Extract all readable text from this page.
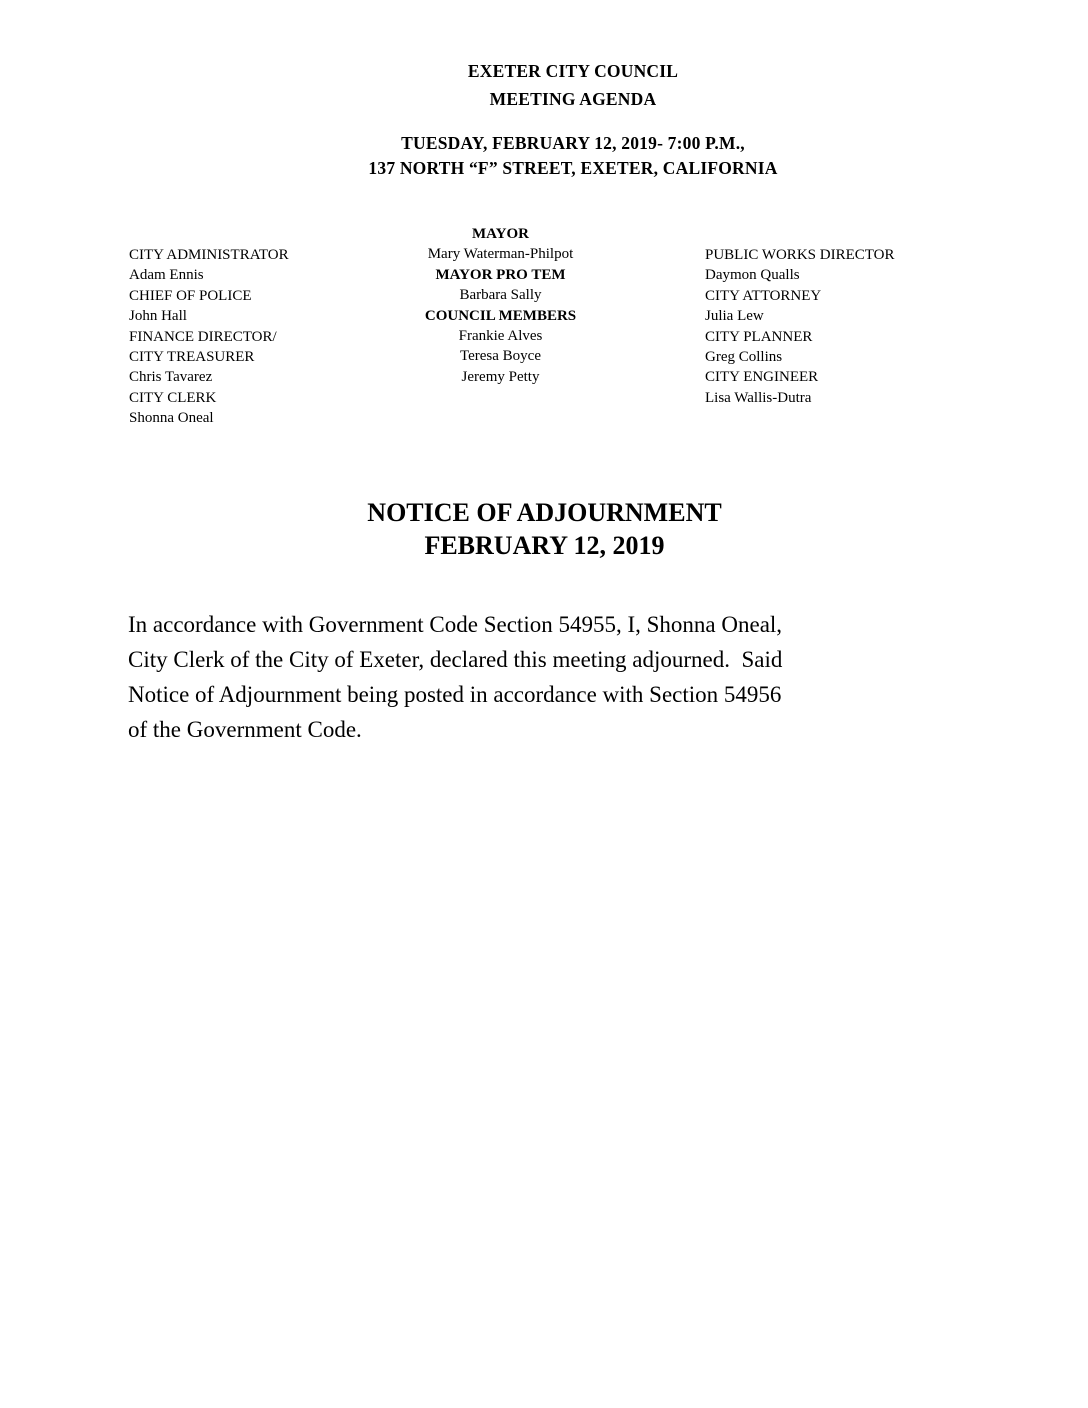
EXETER CITY COUNCIL
MEETING AGENDA
TUESDAY, FEBRUARY 12, 2019- 7:00 P.M.,
137 NORTH “F” STREET, EXETER, CALIFORNIA
CITY ADMINISTRATOR
Adam Ennis
CHIEF OF POLICE
John Hall
FINANCE DIRECTOR/
CITY TREASURER
Chris Tavarez
CITY CLERK
Shonna Oneal
MAYOR
Mary Waterman-Philpot
MAYOR PRO TEM
Barbara Sally
COUNCIL MEMBERS
Frankie Alves
Teresa Boyce
Jeremy Petty
PUBLIC WORKS DIRECTOR
Daymon Qualls
CITY ATTORNEY
Julia Lew
CITY PLANNER
Greg Collins
CITY ENGINEER
Lisa Wallis-Dutra
NOTICE OF ADJOURNMENT
FEBRUARY 12, 2019
In accordance with Government Code Section 54955, I, Shonna Oneal,
City Clerk of the City of Exeter, declared this meeting adjourned.  Said
Notice of Adjournment being posted in accordance with Section 54956
of the Government Code.
